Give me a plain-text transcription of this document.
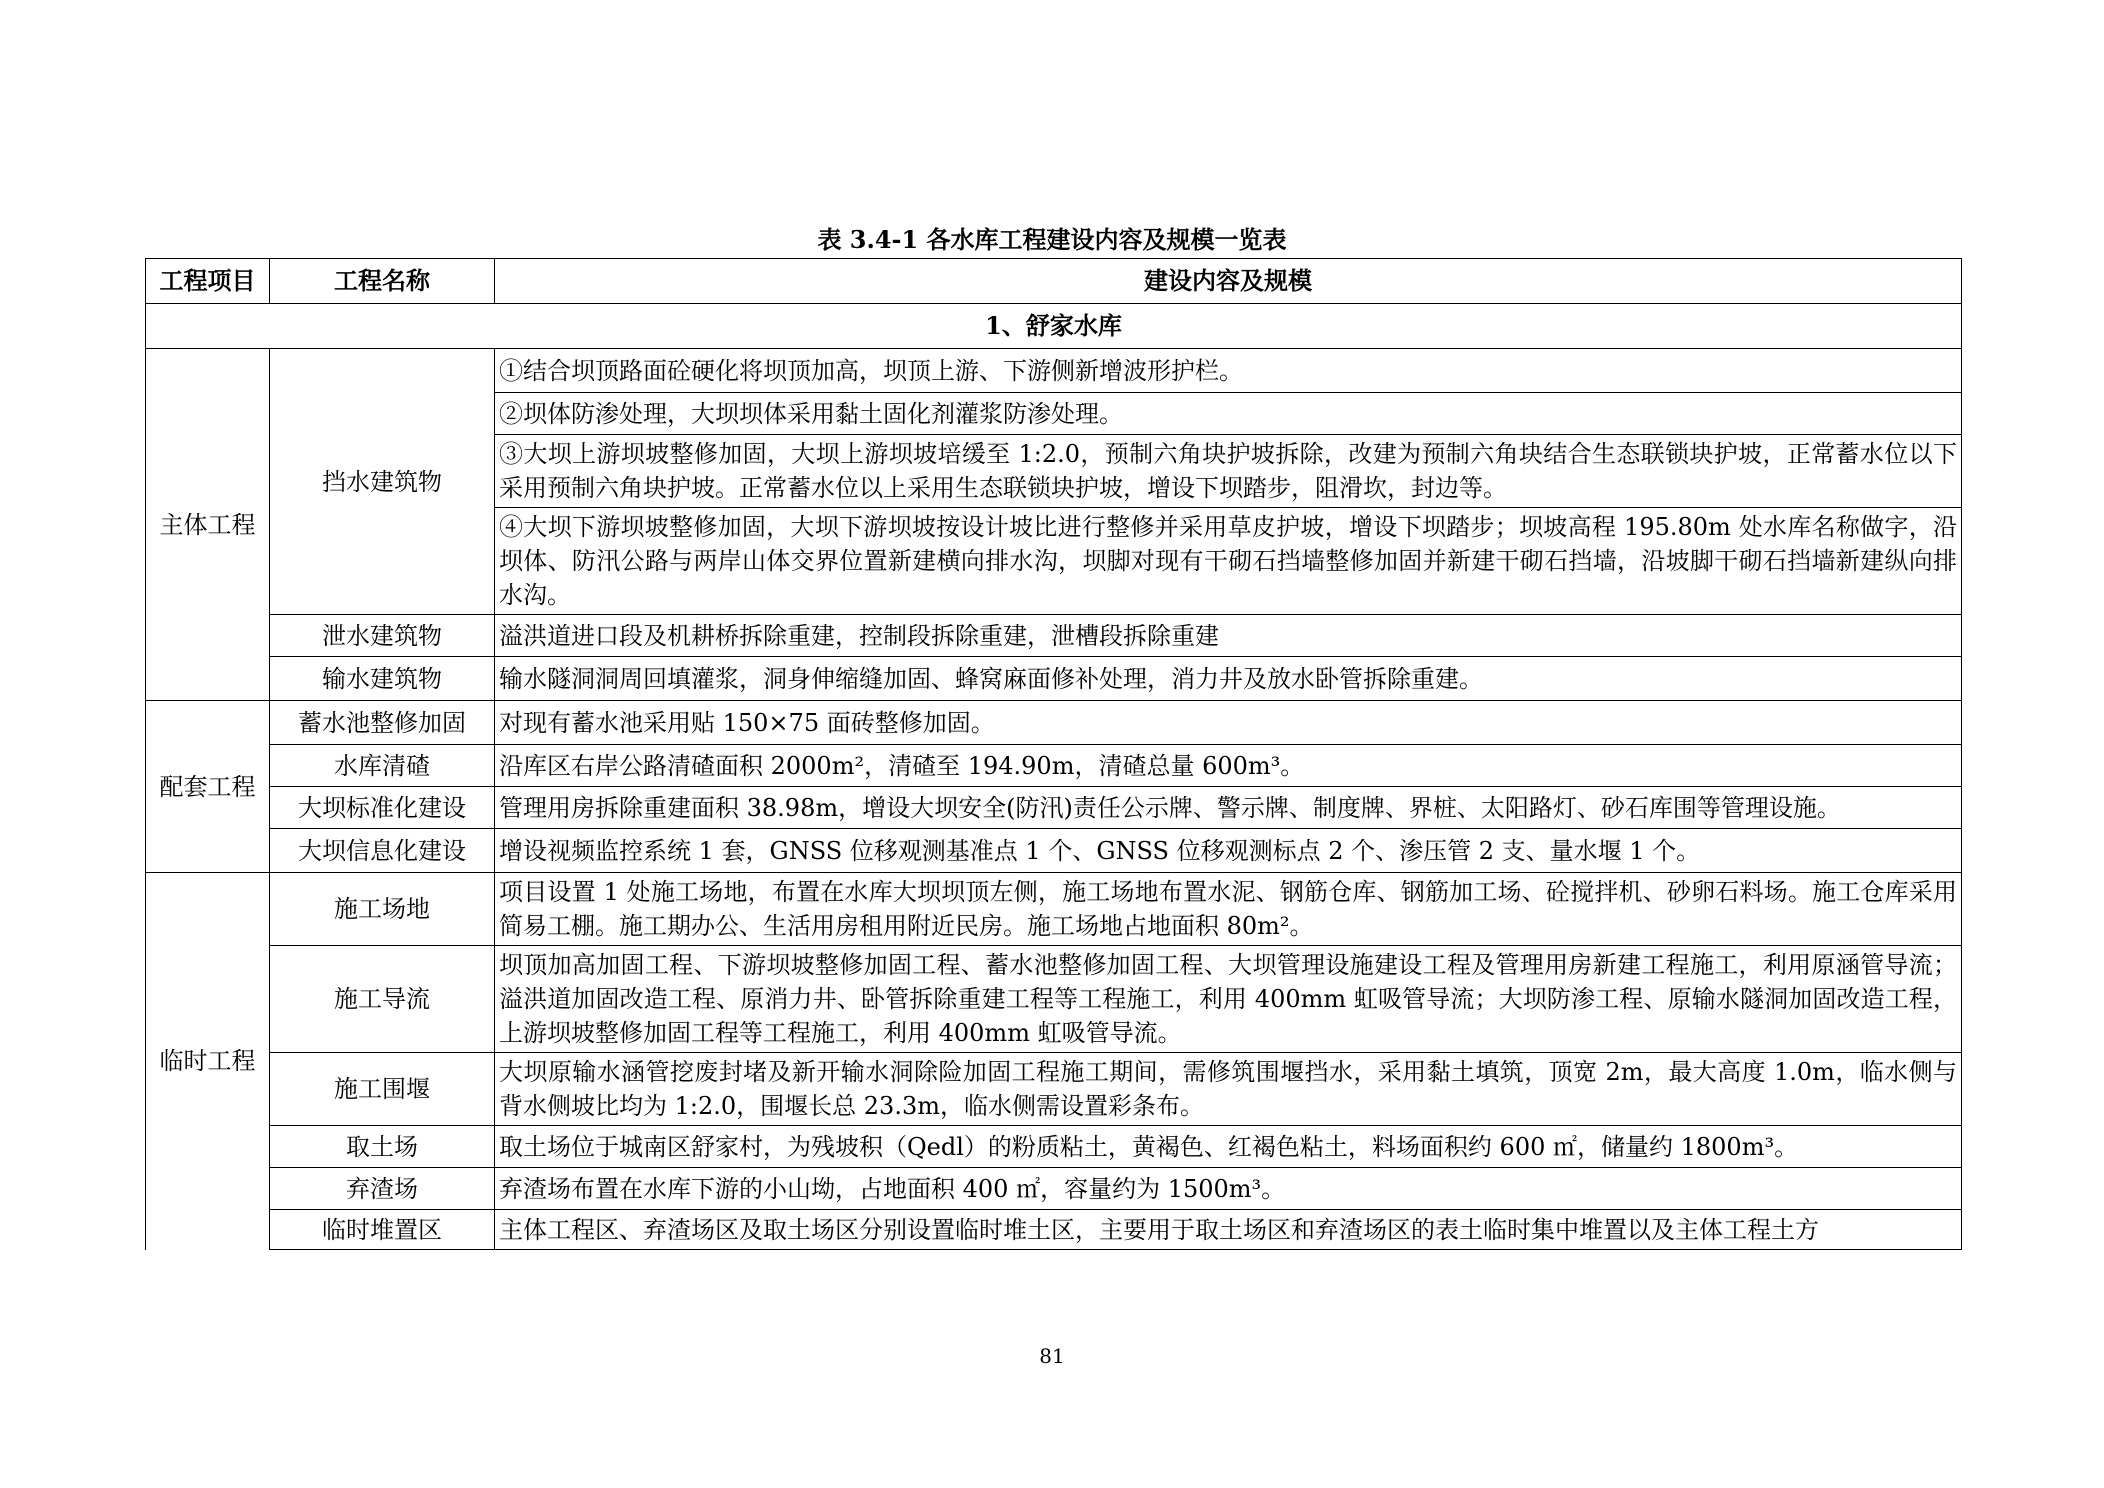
表 3.4-1 各水库工程建设内容及规模一览表
工程项目	工程名称	建设内容及规模
1、舒家水库		
主体工程	挡水建筑物	①结合坝顶路面砼硬化将坝顶加高，坝顶上游、下游侧新增波形护栏。
		②坝体防渗处理，大坝坝体采用黏土固化剂灌浆防渗处理。
		③大坝上游坝坡整修加固，大坝上游坝坡培缓至 1:2.0，预制六角块护坡拆除，改建为预制六角块结合生态联锁块护坡，正常蓄水位以下采用预制六角块护坡。正常蓄水位以上采用生态联锁块护坡，增设下坝踏步，阻滑坎，封边等。
		④大坝下游坝坡整修加固，大坝下游坝坡按设计坡比进行整修并采用草皮护坡，增设下坝踏步；坝坡高程 195.80m 处水库名称做字，沿坝体、防汛公路与两岸山体交界位置新建横向排水沟，坝脚对现有干砌石挡墙整修加固并新建干砌石挡墙，沿坡脚干砌石挡墙新建纵向排水沟。
	泄水建筑物	溢洪道进口段及机耕桥拆除重建，控制段拆除重建，泄槽段拆除重建
	输水建筑物	输水隧洞洞周回填灌浆，洞身伸缩缝加固、蜂窝麻面修补处理，消力井及放水卧管拆除重建。
配套工程	蓄水池整修加固	对现有蓄水池采用贴 150×75 面砖整修加固。
	水库清碴	沿库区右岸公路清碴面积 2000m²，清碴至 194.90m，清碴总量 600m³。
	大坝标准化建设	管理用房拆除重建面积 38.98m，增设大坝安全(防汛)责任公示牌、警示牌、制度牌、界桩、太阳路灯、砂石库围等管理设施。
	大坝信息化建设	增设视频监控系统 1 套，GNSS 位移观测基准点 1 个、GNSS 位移观测标点 2 个、渗压管 2 支、量水堰 1 个。
临时工程	施工场地	项目设置 1 处施工场地，布置在水库大坝坝顶左侧，施工场地布置水泥、钢筋仓库、钢筋加工场、砼搅拌机、砂卵石料场。施工仓库采用简易工棚。施工期办公、生活用房租用附近民房。施工场地占地面积 80m²。
	施工导流	坝顶加高加固工程、下游坝坡整修加固工程、蓄水池整修加固工程、大坝管理设施建设工程及管理用房新建工程施工，利用原涵管导流；溢洪道加固改造工程、原消力井、卧管拆除重建工程等工程施工，利用 400mm 虹吸管导流；大坝防渗工程、原输水隧洞加固改造工程，上游坝坡整修加固工程等工程施工，利用 400mm 虹吸管导流。
	施工围堰	大坝原输水涵管挖废封堵及新开输水洞除险加固工程施工期间，需修筑围堰挡水，采用黏土填筑，顶宽 2m，最大高度 1.0m，临水侧与背水侧坡比均为 1:2.0，围堰长总 23.3m，临水侧需设置彩条布。
	取土场	取土场位于城南区舒家村，为残坡积（Qedl）的粉质粘土，黄褐色、红褐色粘土，料场面积约 600 ㎡，储量约 1800m³。
	弃渣场	弃渣场布置在水库下游的小山坳，占地面积 400 ㎡，容量约为 1500m³。
	临时堆置区	主体工程区、弃渣场区及取土场区分别设置临时堆土区，主要用于取土场区和弃渣场区的表土临时集中堆置以及主体工程土方
81
